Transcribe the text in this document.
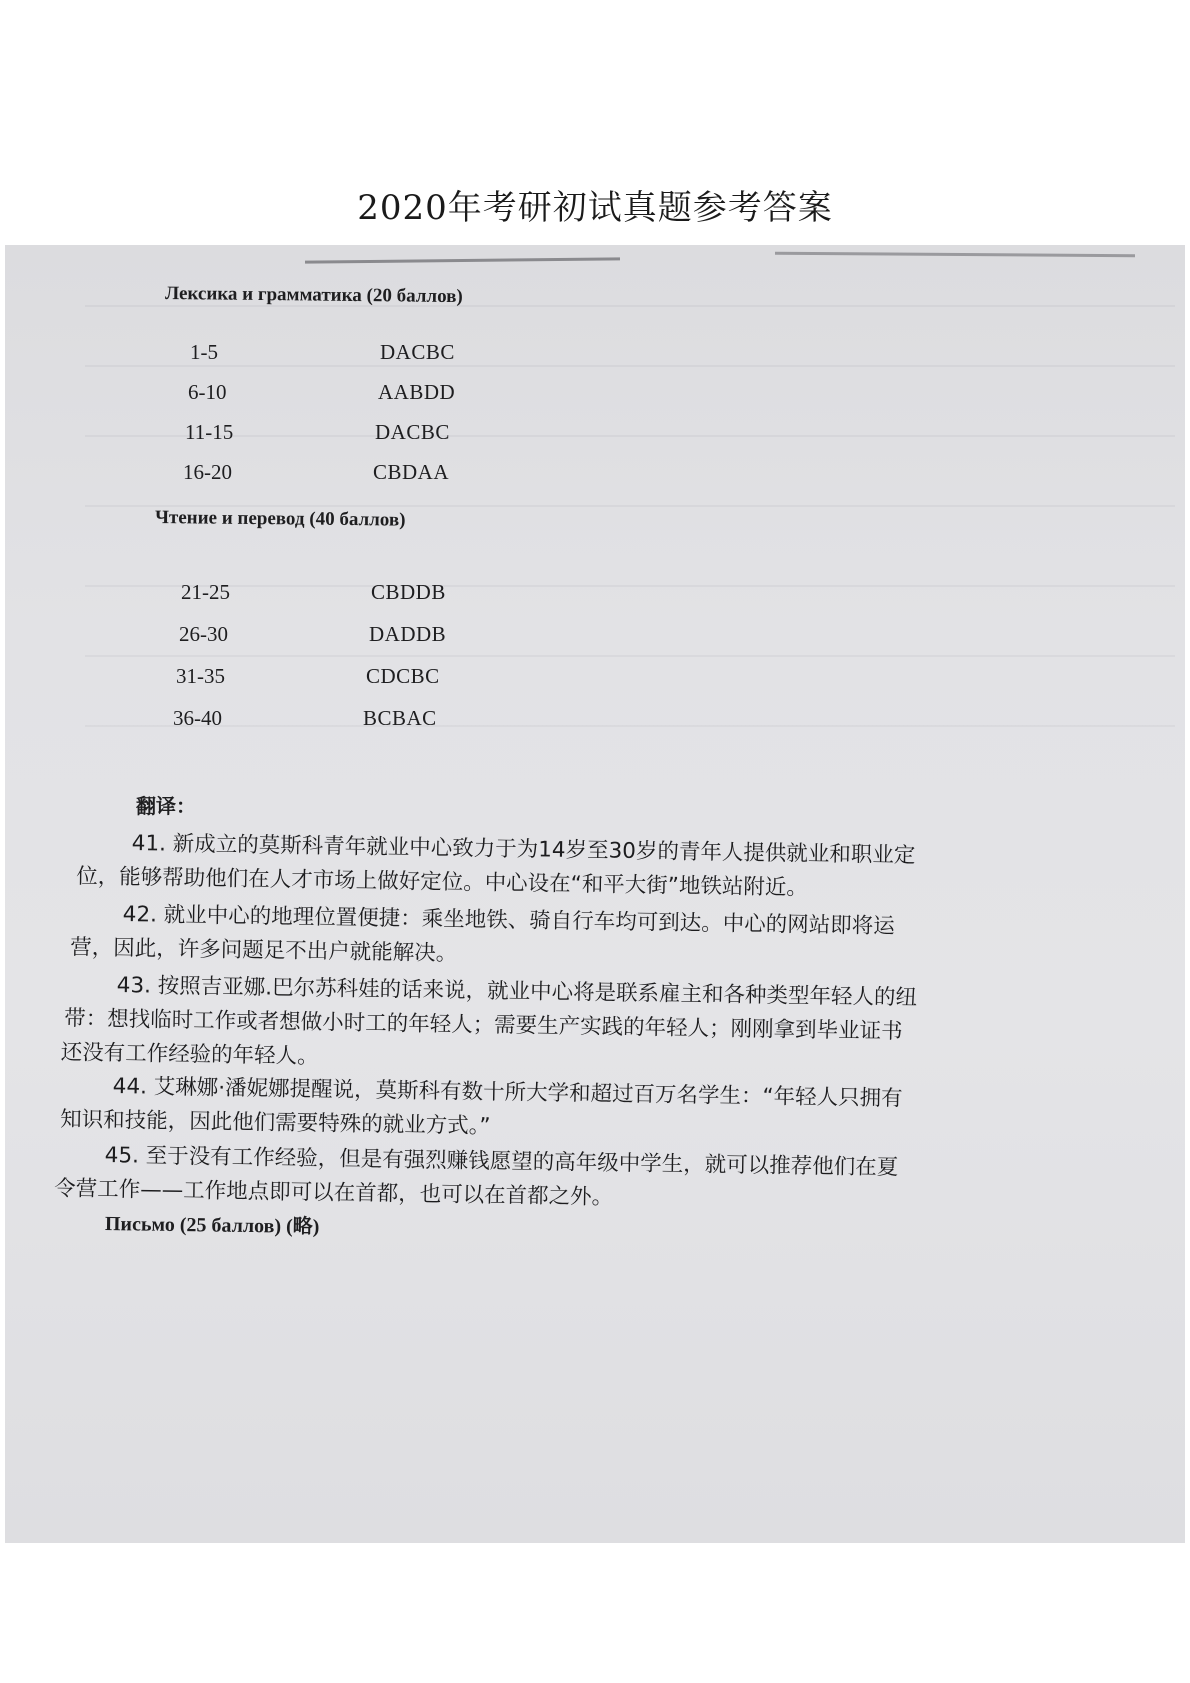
2020年考研初试真题参考答案
Лексика и грамматика (20 баллов)
1-5	DACBC
6-10	AABDD
11-15	DACBC
16-20	CBDAA
Чтение и перевод (40 баллов)
21-25	CBDDB
26-30	DADDB
31-35	CDCBC
36-40	BCBAC
翻译：
41. 新成立的莫斯科青年就业中心致力于为14岁至30岁的青年人提供就业和职业定
位，能够帮助他们在人才市场上做好定位。中心设在“和平大街”地铁站附近。
42. 就业中心的地理位置便捷：乘坐地铁、骑自行车均可到达。中心的网站即将运
营，因此，许多问题足不出户就能解决。
43. 按照吉亚娜.巴尔苏科娃的话来说，就业中心将是联系雇主和各种类型年轻人的纽
带：想找临时工作或者想做小时工的年轻人；需要生产实践的年轻人；刚刚拿到毕业证书
还没有工作经验的年轻人。
44. 艾琳娜·潘妮娜提醒说，莫斯科有数十所大学和超过百万名学生：“年轻人只拥有
知识和技能，因此他们需要特殊的就业方式。”
45. 至于没有工作经验，但是有强烈赚钱愿望的高年级中学生，就可以推荐他们在夏
令营工作——工作地点即可以在首都，也可以在首都之外。
Письмо (25 баллов) (略)
